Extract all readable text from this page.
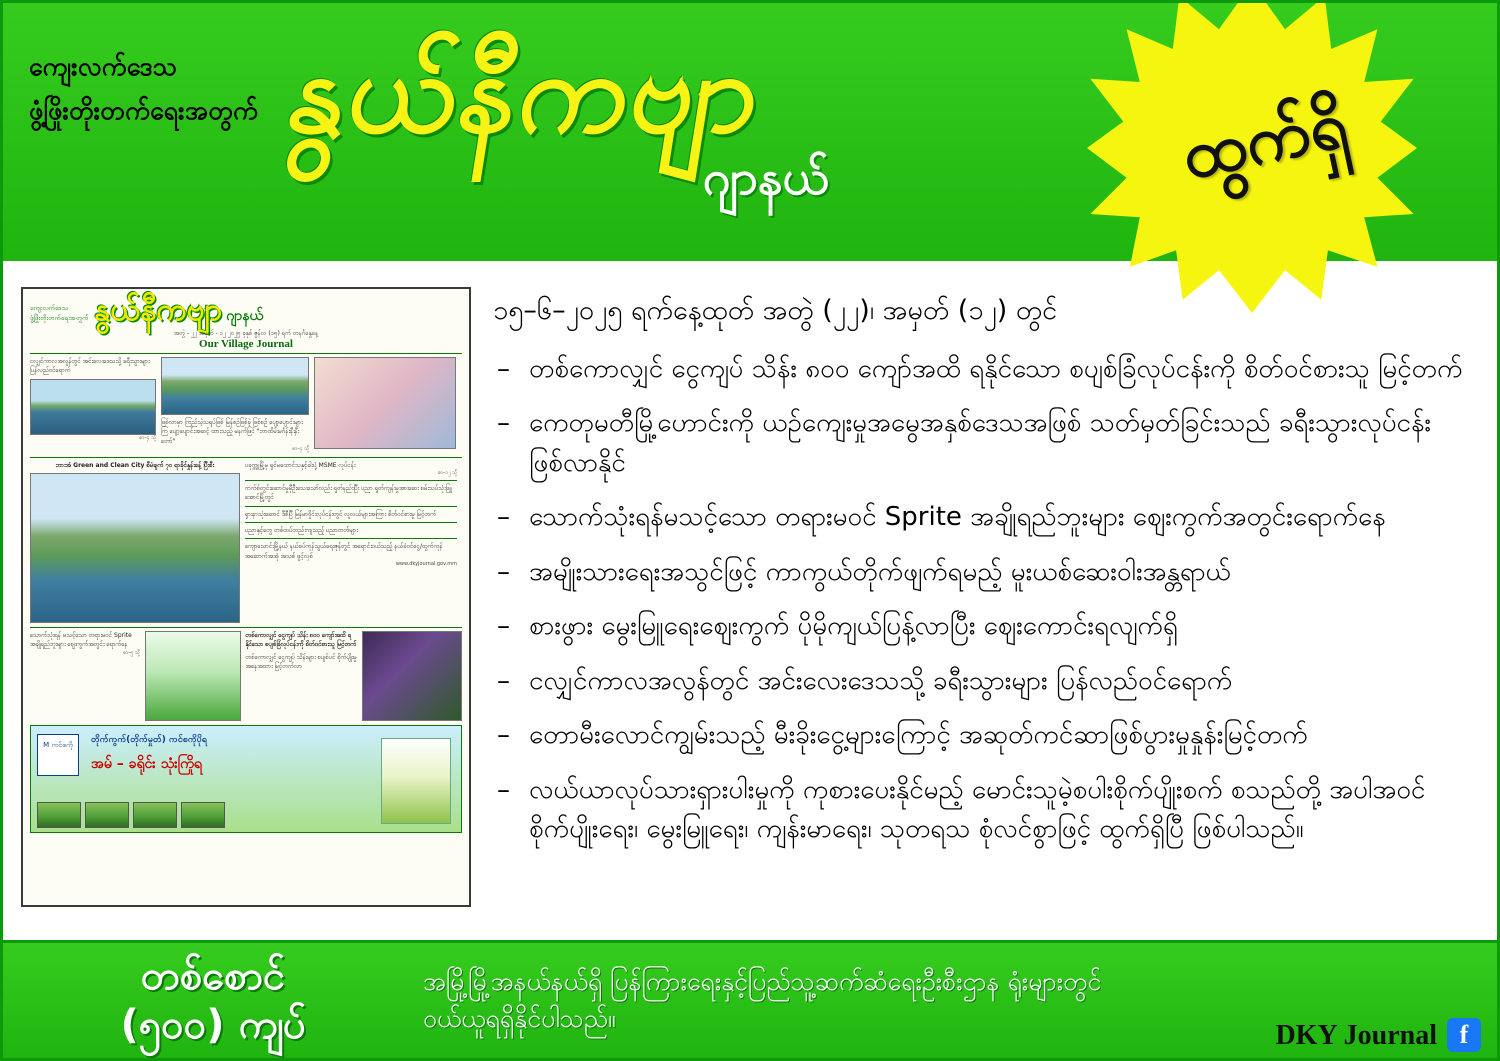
ကျေးလက်ဒေသ
ဖွံ့ဖြိုးတိုးတက်ရေးအတွက် နွယ်နီကဗျာ
ဂျာနယ်	ထွက်ရှိ
ကျေးလက်ဒေသ
ဖွံ့ဖြိုးတိုးတက်ရေးအတွက် နွယ်နီကဗျာ ဂျာနယ်
အတွဲ - ၂၂ အမှတ် - ၁၂ ၂၀၂၅ ခုနှစ် ဇွန်လ (၁၅) ရက် တနင်္ဂနွေနေ့
Our Village Journal
ငလျှင်ကာလအလွန်တွင် အင်းလေးဒေသသို့ ခရီးသွားများ ပြန်လည်ဝင်ရောက်
စာ–၄ သို့
ဖြစ်လာမှာ ကြည်သဲ့သရုပ်ဖြစ် မြန်စဉ်ဖြစ်ခဲ့ ဖြစ်စဉ် ပျော့ပျောင်းများကြ ပျော့ပျောင်းအဆင့် ထားသည့် မနက်ဖြင် "ဘာထိမ်းမင်္ဂန်းနီးနီးတော်"
စာ–၄ သို့
ဘားအံ Green and Clean City စီမံချက် ၇၀ ရာခိုင်နှုန်းခန့် ပြီးစီး	ပခုက္ကူမြို့မှ ရှင်မထောင်သနှင့်ခါးပုံ့ MSME လုပ်ငန်း
စာ–၁၂ သို့
ကက်စ်တွင်းဆောင်မှုမှီဦးသေးသော်လည်း ရှုတ်နည်းပြီး ပညာ ရှုတ်ကျန်းမှုအားဆေး စမ်းသပ်သုံးဖြူအောင်မြို့တွင်
ရှားနာသုံးဆောင် ဒီစီပြီ မြန်မာဝှိုင်းလုပ်ငန်းတွင် လူလယ်များအကြား စိတ်ဝင်စားမှု မြင့်တက်
ပညာနှင့်တွေ တစ်ထပ်တည်းကျသည့် ပညာတတ်များ
ကျောသောင်းမြို့နယ် နယ်စပ်ကုန်သွယ်ရေးဇုန်တွင် အရောင်းဝယ်သည့် နယ်ခံဝင်ငွေ/ထွက်ကုန် အဆောက်အအုံ အသစ် ဖွင့်လှစ်
www.dkyjournal.gov.mm
သောက်သုံးရန် မသင့်သော တရားမဝင် Sprite အချိုရည်ဘူးများ ဈေးကွက်အတွင်း ရောက်နေ
စာ–၅ သို့
တစ်ကောလျှင် ငွေကျပ် သိန်း ၈၀၀ ကျော်အထိ ရနိုင်သော စပျစ်ခြံလုပ်ငန်းကို စိတ်ဝင်စားသူ မြင့်တက်
တစ်ကောလျှင် ငွေကျပ် သိန်းများ စပျစ်ပင် စိုက်ပျိုးမှု အနေအထား မြင့်တက်လာ
M ကင်စကို	တိုက်ကွက်(တိုက်မှုတ်) ကင်စကိုပိုရ
အမ် – ခရိုင်း သုံးကြိုရ
၁၅–၆–၂၀၂၅ ရက်နေ့ထုတ် အတွဲ (၂၂)၊ အမှတ် (၁၂) တွင်
– တစ်ကောလျှင် ငွေကျပ် သိန်း ၈၀၀ ကျော်အထိ ရနိုင်သော စပျစ်ခြံလုပ်ငန်းကို စိတ်ဝင်စားသူ မြင့်တက်
– ကေတုမတီမြို့ဟောင်းကို ယဉ်ကျေးမှုအမွေအနှစ်ဒေသအဖြစ် သတ်မှတ်ခြင်းသည် ခရီးသွားလုပ်ငန်း ဖြစ်လာနိုင်
– သောက်သုံးရန်မသင့်သော တရားမဝင် Sprite အချိုရည်ဘူးများ ဈေးကွက်အတွင်းရောက်နေ
– အမျိုးသားရေးအသွင်ဖြင့် ကာကွယ်တိုက်ဖျက်ရမည့် မူးယစ်ဆေးဝါးအန္တရာယ်
– စားဖွား မွေးမြူရေးဈေးကွက် ပိုမိုကျယ်ပြန့်လာပြီး ဈေးကောင်းရလျက်ရှိ
– ငလျှင်ကာလအလွန်တွင် အင်းလေးဒေသသို့ ခရီးသွားများ ပြန်လည်ဝင်ရောက်
– တောမီးလောင်ကျွမ်းသည့် မီးခိုးငွေ့များကြောင့် အဆုတ်ကင်ဆာဖြစ်ပွားမှုနှုန်းမြင့်တက်
– လယ်ယာလုပ်သားရှားပါးမှုကို ကုစားပေးနိုင်မည့် မောင်းသူမဲ့စပါးစိုက်ပျိုးစက် စသည်တို့ အပါအဝင် စိုက်ပျိုးရေး၊ မွေးမြူရေး၊ ကျန်းမာရေး၊ သုတရသ စုံလင်စွာဖြင့် ထွက်ရှိပြီ ဖြစ်ပါသည်။
တစ်စောင်
(၅၀၀) ကျပ်
အမြို့မြို့အနယ်နယ်ရှိ ပြန်ကြားရေးနှင့်ပြည်သူ့ဆက်ဆံရေးဦးစီးဌာန ရုံးများတွင်
ဝယ်ယူရရှိနိုင်ပါသည်။
DKY Journal f
